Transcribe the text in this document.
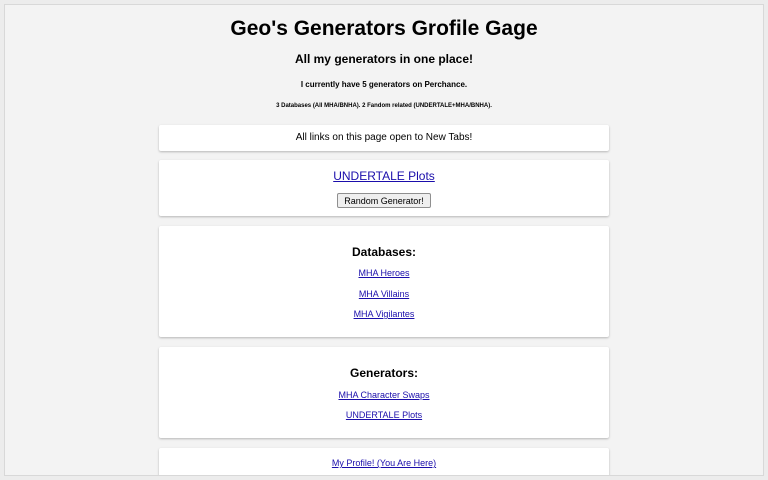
Geo's Generators Grofile Gage
All my generators in one place!
I currently have 5 generators on Perchance.
3 Databases (All MHA/BNHA). 2 Fandom related (UNDERTALE+MHA/BNHA).
All links on this page open to New Tabs!
UNDERTALE Plots
Random Generator!
Databases:
MHA Heroes
MHA Villains
MHA Vigilantes
Generators:
MHA Character Swaps
UNDERTALE Plots
My Profile! (You Are Here)
